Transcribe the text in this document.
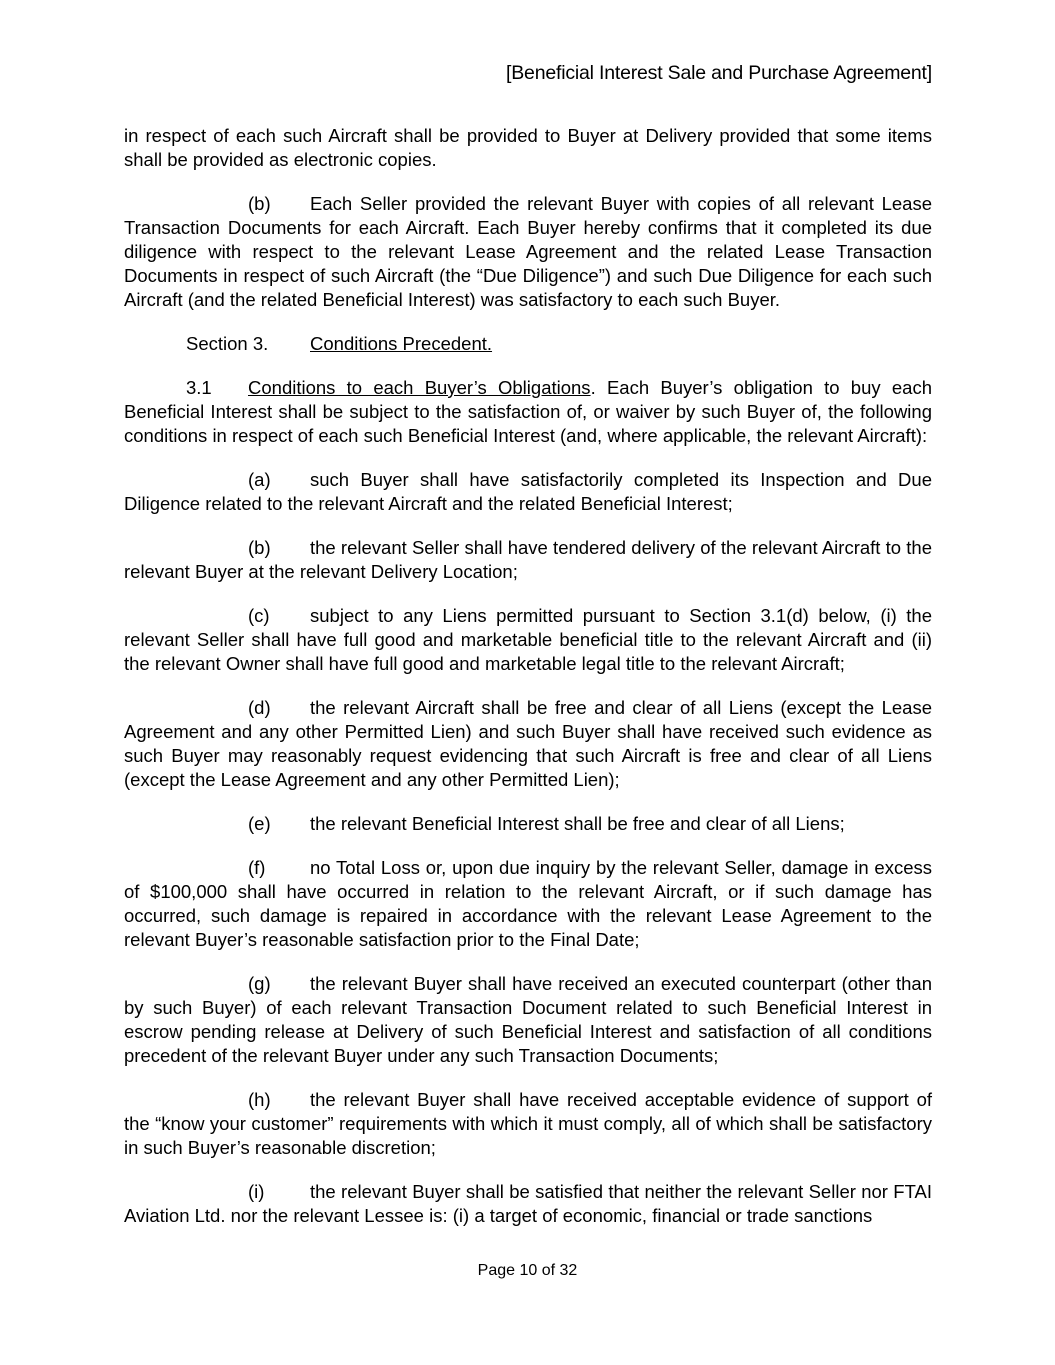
[Beneficial Interest Sale and Purchase Agreement]

in respect of each such Aircraft shall be provided to Buyer at Delivery provided that some items shall be provided as electronic copies.

(b) Each Seller provided the relevant Buyer with copies of all relevant Lease Transaction Documents for each Aircraft. Each Buyer hereby confirms that it completed its due diligence with respect to the relevant Lease Agreement and the related Lease Transaction Documents in respect of such Aircraft (the “Due Diligence”) and such Due Diligence for each such Aircraft (and the related Beneficial Interest) was satisfactory to each such Buyer.

Section 3. Conditions Precedent.

3.1 Conditions to each Buyer’s Obligations. Each Buyer’s obligation to buy each Beneficial Interest shall be subject to the satisfaction of, or waiver by such Buyer of, the following conditions in respect of each such Beneficial Interest (and, where applicable, the relevant Aircraft):

(a) such Buyer shall have satisfactorily completed its Inspection and Due Diligence related to the relevant Aircraft and the related Beneficial Interest;

(b) the relevant Seller shall have tendered delivery of the relevant Aircraft to the relevant Buyer at the relevant Delivery Location;

(c) subject to any Liens permitted pursuant to Section 3.1(d) below, (i) the relevant Seller shall have full good and marketable beneficial title to the relevant Aircraft and (ii) the relevant Owner shall have full good and marketable legal title to the relevant Aircraft;

(d) the relevant Aircraft shall be free and clear of all Liens (except the Lease Agreement and any other Permitted Lien) and such Buyer shall have received such evidence as such Buyer may reasonably request evidencing that such Aircraft is free and clear of all Liens (except the Lease Agreement and any other Permitted Lien);

(e) the relevant Beneficial Interest shall be free and clear of all Liens;

(f) no Total Loss or, upon due inquiry by the relevant Seller, damage in excess of $100,000 shall have occurred in relation to the relevant Aircraft, or if such damage has occurred, such damage is repaired in accordance with the relevant Lease Agreement to the relevant Buyer’s reasonable satisfaction prior to the Final Date;

(g) the relevant Buyer shall have received an executed counterpart (other than by such Buyer) of each relevant Transaction Document related to such Beneficial Interest in escrow pending release at Delivery of such Beneficial Interest and satisfaction of all conditions precedent of the relevant Buyer under any such Transaction Documents;

(h) the relevant Buyer shall have received acceptable evidence of support of the “know your customer” requirements with which it must comply, all of which shall be satisfactory in such Buyer’s reasonable discretion;

(i) the relevant Buyer shall be satisfied that neither the relevant Seller nor FTAI Aviation Ltd. nor the relevant Lessee is: (i) a target of economic, financial or trade sanctions

Page 10 of 32
